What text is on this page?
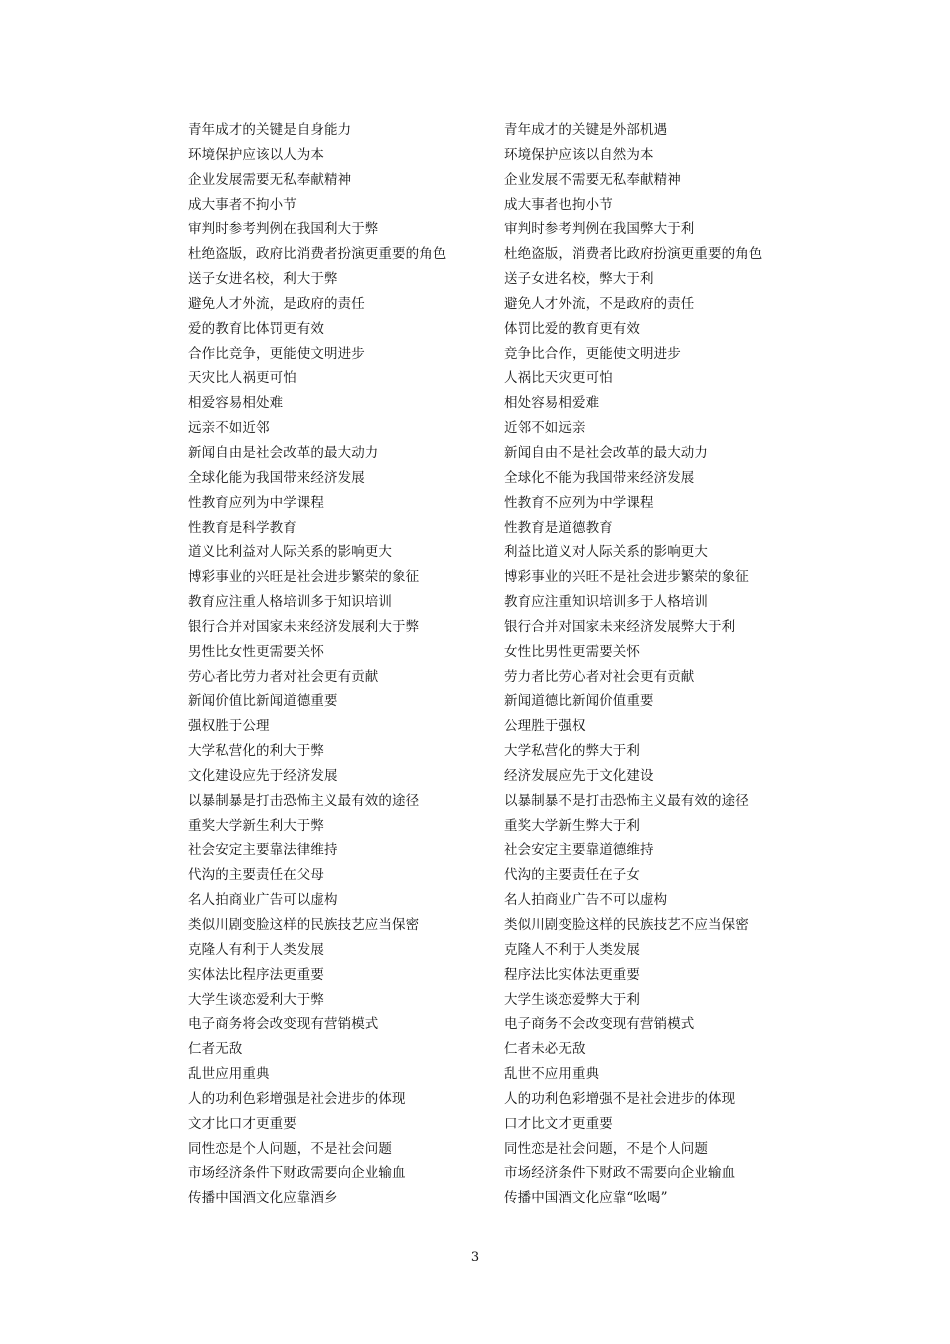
青年成才的关键是自身能力	青年成才的关键是外部机遇
环境保护应该以人为本	环境保护应该以自然为本
企业发展需要无私奉献精神	企业发展不需要无私奉献精神
成大事者不拘小节	成大事者也拘小节
审判时参考判例在我国利大于弊	审判时参考判例在我国弊大于利
杜绝盗版，政府比消费者扮演更重要的角色	杜绝盗版，消费者比政府扮演更重要的角色
送子女进名校，利大于弊	送子女进名校，弊大于利
避免人才外流，是政府的责任	避免人才外流，不是政府的责任
爱的教育比体罚更有效	体罚比爱的教育更有效
合作比竞争，更能使文明进步	竞争比合作，更能使文明进步
天灾比人祸更可怕	人祸比天灾更可怕
相爱容易相处难	相处容易相爱难
远亲不如近邻	近邻不如远亲
新闻自由是社会改革的最大动力	新闻自由不是社会改革的最大动力
全球化能为我国带来经济发展	全球化不能为我国带来经济发展
性教育应列为中学课程	性教育不应列为中学课程
性教育是科学教育	性教育是道德教育
道义比利益对人际关系的影响更大	利益比道义对人际关系的影响更大
博彩事业的兴旺是社会进步繁荣的象征	博彩事业的兴旺不是社会进步繁荣的象征
教育应注重人格培训多于知识培训	教育应注重知识培训多于人格培训
银行合并对国家未来经济发展利大于弊	银行合并对国家未来经济发展弊大于利
男性比女性更需要关怀	女性比男性更需要关怀
劳心者比劳力者对社会更有贡献	劳力者比劳心者对社会更有贡献
新闻价值比新闻道德重要	新闻道德比新闻价值重要
强权胜于公理	公理胜于强权
大学私营化的利大于弊	大学私营化的弊大于利
文化建设应先于经济发展	经济发展应先于文化建设
以暴制暴是打击恐怖主义最有效的途径	以暴制暴不是打击恐怖主义最有效的途径
重奖大学新生利大于弊	重奖大学新生弊大于利
社会安定主要靠法律维持	社会安定主要靠道德维持
代沟的主要责任在父母	代沟的主要责任在子女
名人拍商业广告可以虚构	名人拍商业广告不可以虚构
类似川剧变脸这样的民族技艺应当保密	类似川剧变脸这样的民族技艺不应当保密
克隆人有利于人类发展	克隆人不利于人类发展
实体法比程序法更重要	程序法比实体法更重要
大学生谈恋爱利大于弊	大学生谈恋爱弊大于利
电子商务将会改变现有营销模式	电子商务不会改变现有营销模式
仁者无敌	仁者未必无敌
乱世应用重典	乱世不应用重典
人的功利色彩增强是社会进步的体现	人的功利色彩增强不是社会进步的体现
文才比口才更重要	口才比文才更重要
同性恋是个人问题，不是社会问题	同性恋是社会问题，不是个人问题
市场经济条件下财政需要向企业输血	市场经济条件下财政不需要向企业输血
传播中国酒文化应靠酒乡	传播中国酒文化应靠“吆喝”
3
